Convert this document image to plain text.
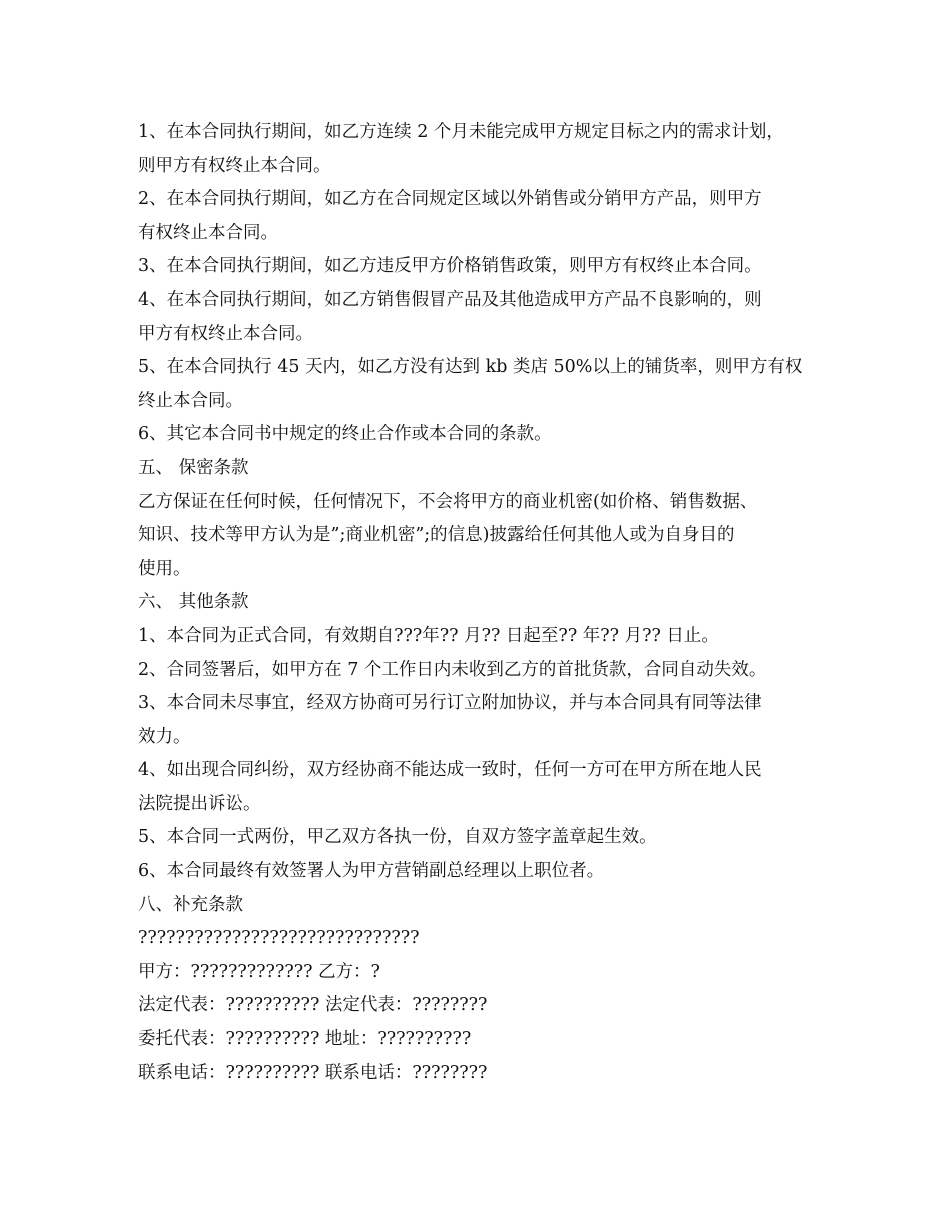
1、在本合同执行期间，如乙方连续 2 个月未能完成甲方规定目标之内的需求计划，
则甲方有权终止本合同。
2、在本合同执行期间，如乙方在合同规定区域以外销售或分销甲方产品，则甲方
有权终止本合同。
3、在本合同执行期间，如乙方违反甲方价格销售政策，则甲方有权终止本合同。
4、在本合同执行期间，如乙方销售假冒产品及其他造成甲方产品不良影响的，则
甲方有权终止本合同。
5、在本合同执行 45 天内，如乙方没有达到 kb 类店 50%以上的铺货率，则甲方有权
终止本合同。
6、其它本合同书中规定的终止合作或本合同的条款。
五、 保密条款
乙方保证在任何时候，任何情况下，不会将甲方的商业机密(如价格、销售数据、
知识、技术等甲方认为是”;商业机密”;的信息)披露给任何其他人或为自身目的
使用。
六、 其他条款
1、本合同为正式合同，有效期自???年?? 月?? 日起至?? 年?? 月?? 日止。
2、合同签署后，如甲方在 7 个工作日内未收到乙方的首批货款，合同自动失效。
3、本合同未尽事宜，经双方协商可另行订立附加协议，并与本合同具有同等法律
效力。
4、如出现合同纠纷，双方经协商不能达成一致时，任何一方可在甲方所在地人民
法院提出诉讼。
5、本合同一式两份，甲乙双方各执一份，自双方签字盖章起生效。
6、本合同最终有效签署人为甲方营销副总经理以上职位者。
八、补充条款
??????????????????????????????
甲方：????????????? 乙方：?
法定代表：?????????? 法定代表：????????
委托代表：?????????? 地址：??????????
联系电话：?????????? 联系电话：????????
